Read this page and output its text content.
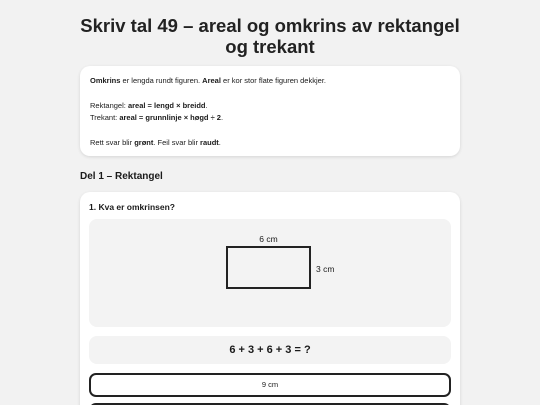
Skriv tal 49 – areal og omkrins av rektangel og trekant

Omkrins er lengda rundt figuren. Areal er kor stor flate figuren dekkjer.

Rektangel: areal = lengd × breidd.

Trekant: areal = grunnlinje × høgd ÷ 2.

Rett svar blir grønt. Feil svar blir raudt.

Del 1 – Rektangel
1. Kva er omkrinsen?
6 cm
3 cm
6 + 3 + 6 + 3 = ?
9 cm
